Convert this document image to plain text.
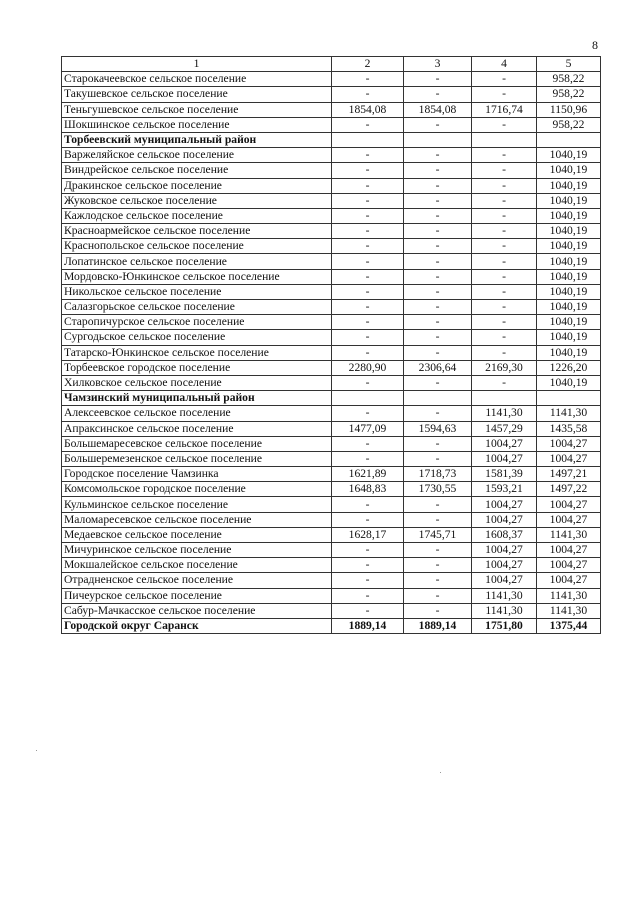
8
1	2	3	4	5
Старокачеевское сельское поселение	-	-	-	958,22
Такушевское сельское поселение	-	-	-	958,22
Теньгушевское сельское поселение	1854,08	1854,08	1716,74	1150,96
Шокшинское сельское поселение	-	-	-	958,22
Торбеевский муниципальный район				
Варжеляйское сельское поселение	-	-	-	1040,19
Виндрейское сельское поселение	-	-	-	1040,19
Дракинское сельское поселение	-	-	-	1040,19
Жуковское сельское поселение	-	-	-	1040,19
Кажлодское сельское поселение	-	-	-	1040,19
Красноармейское сельское поселение	-	-	-	1040,19
Краснопольское сельское поселение	-	-	-	1040,19
Лопатинское сельское поселение	-	-	-	1040,19
Мордовско-Юнкинское сельское поселение	-	-	-	1040,19
Никольское сельское поселение	-	-	-	1040,19
Салазгорьское сельское поселение	-	-	-	1040,19
Старопичурское сельское поселение	-	-	-	1040,19
Сургодьское сельское поселение	-	-	-	1040,19
Татарско-Юнкинское сельское поселение	-	-	-	1040,19
Торбеевское городское поселение	2280,90	2306,64	2169,30	1226,20
Хилковское сельское поселение	-	-	-	1040,19
Чамзинский муниципальный район				
Алексеевское сельское поселение	-	-	1141,30	1141,30
Апраксинское сельское поселение	1477,09	1594,63	1457,29	1435,58
Большемаресевское сельское поселение	-	-	1004,27	1004,27
Большеремезенское сельское поселение	-	-	1004,27	1004,27
Городское поселение Чамзинка	1621,89	1718,73	1581,39	1497,21
Комсомольское городское поселение	1648,83	1730,55	1593,21	1497,22
Кульминское сельское поселение	-	-	1004,27	1004,27
Маломаресевское сельское поселение	-	-	1004,27	1004,27
Медаевское сельское поселение	1628,17	1745,71	1608,37	1141,30
Мичуринское сельское поселение	-	-	1004,27	1004,27
Мокшалейское сельское поселение	-	-	1004,27	1004,27
Отрадненское сельское поселение	-	-	1004,27	1004,27
Пичеурское сельское поселение	-	-	1141,30	1141,30
Сабур-Мачкасское сельское поселение	-	-	1141,30	1141,30
Городской округ Саранск	1889,14	1889,14	1751,80	1375,44
